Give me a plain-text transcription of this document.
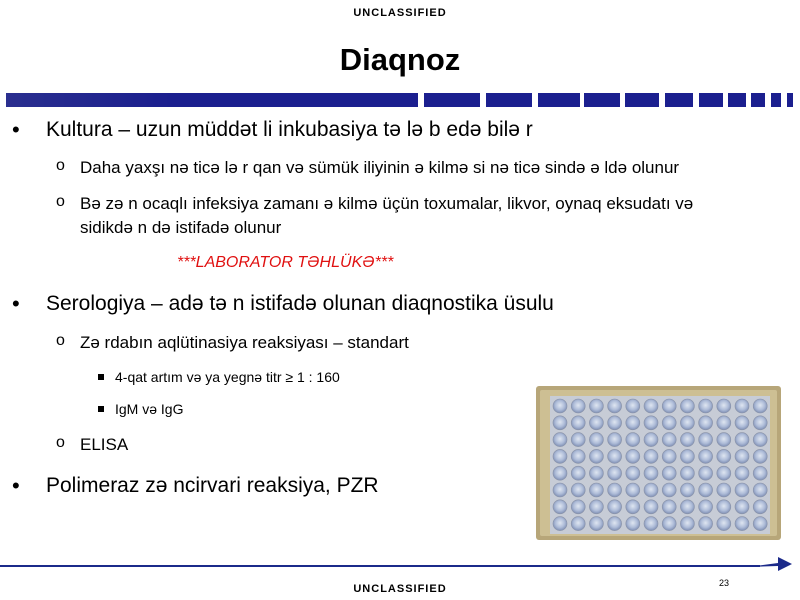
UNCLASSIFIED
Diaqnoz
• Kultura – uzun müddət li inkubasiya tə lə b edə bilə r
o Daha yaxşı nə ticə lə r qan və sümük iliyinin ə kilmə si nə ticə sində ə ldə olunur
o Bə zə n ocaqlı infeksiya zamanı ə kilmə üçün toxumalar, likvor, oynaq eksudatı və
sidikdə n də istifadə olunur
***LABORATOR TƏHLÜKƏ***
• Serologiya – adə tə n istifadə olunan diaqnostika üsulu
o Zə rdabın aqlütinasiya reaksiyası – standart
4-qat artım və ya yegnə titr ≥ 1 : 160
IgM və IgG
o ELISA
• Polimeraz zə ncirvari reaksiya, PZR
23
UNCLASSIFIED
